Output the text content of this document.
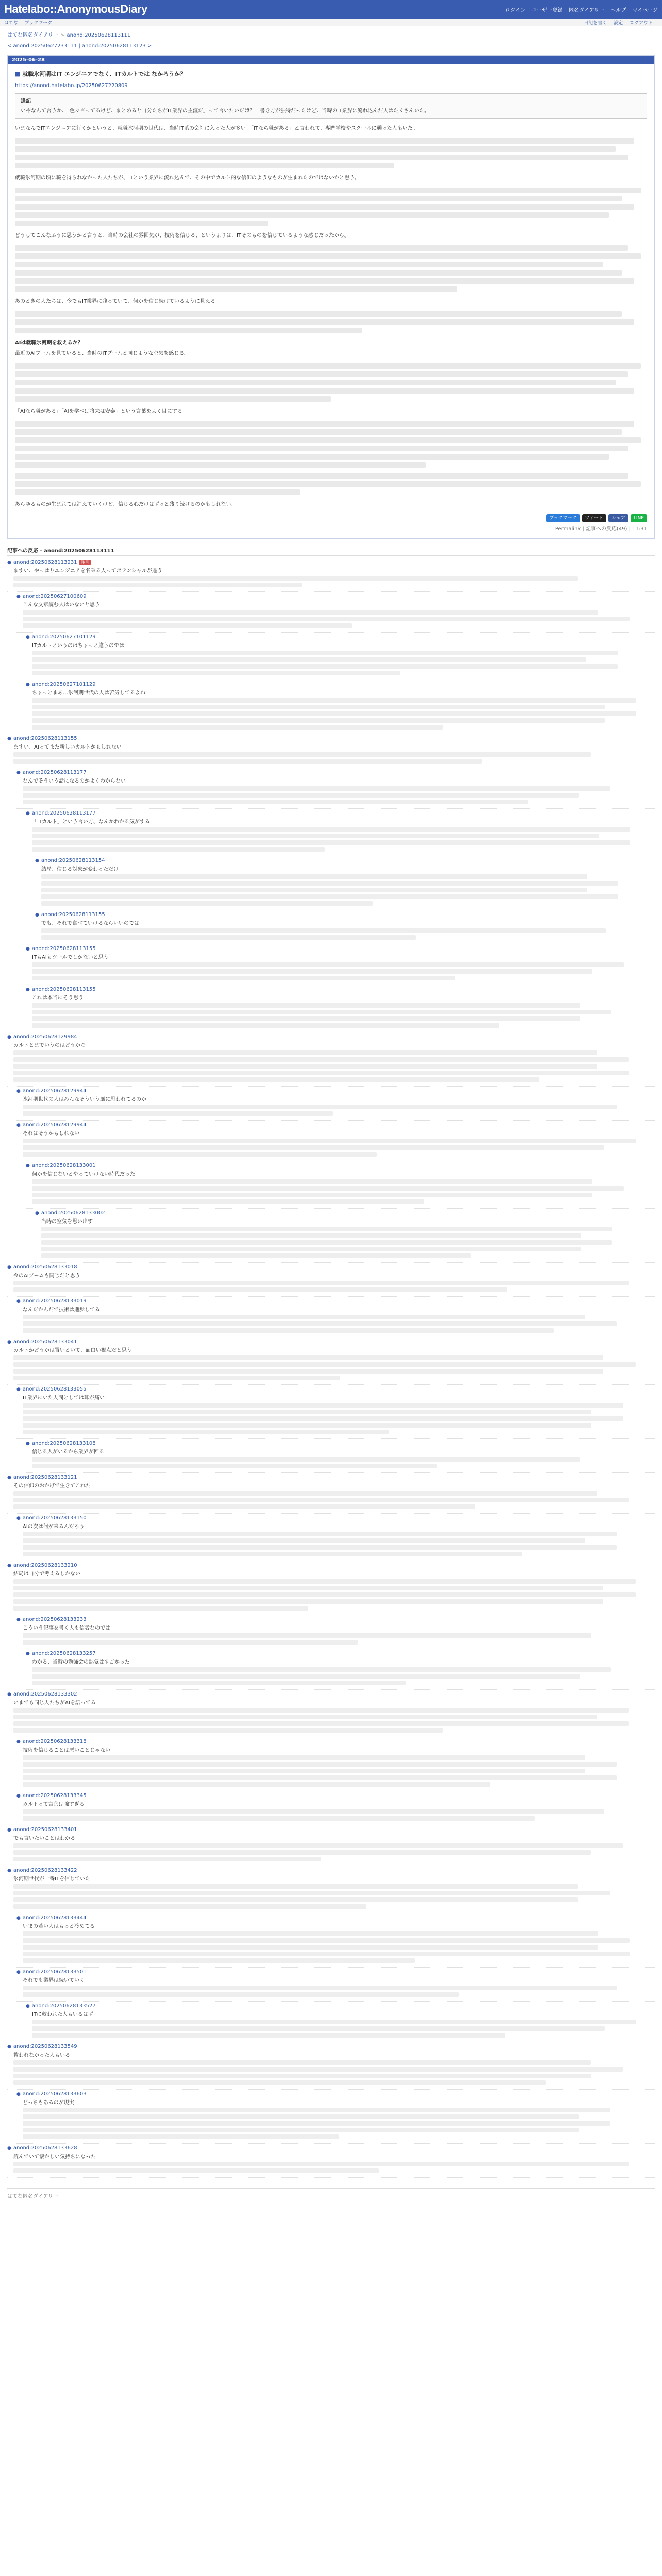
Hatelabo::AnonymousDiary	ログイン ユーザー登録 匿名ダイアリー ヘルプ マイページ
はてな ブックマーク	日記を書く 設定 ログアウト
はてな匿名ダイアリー > anond:20250628113111
< anond:20250627233111 | anond:20250628113123 >
2025-06-28
■ 就職氷河期はIT エンジニアでなく、ITカルトでは なかろうか？
https://anond.hatelabo.jp/20250627220809
追記
いやなんて言うか、「色々言ってるけど、まとめると自分たちがIT業界の主流だ」って言いたいだけ？　書き方が独特だったけど、当時のIT業界に流れ込んだ人はたくさんいた。

いまなんでITエンジニアに行くかというと、就職氷河期の世代は、当時IT系の会社に入った人が多い。「ITなら職がある」と言われて、専門学校やスクールに通った人もいた。

就職氷河期の頃に職を得られなかった人たちが、ITという業界に流れ込んで、その中でカルト的な信仰のようなものが生まれたのではないかと思う。

どうしてこんなふうに思うかと言うと、当時の会社の雰囲気が、技術を信じる、というよりは、ITそのものを信じているような感じだったから。

あのときの人たちは、今でもIT業界に残っていて、何かを信じ続けているように見える。

AIは就職氷河期を救えるか？

最近のAIブームを見ていると、当時のITブームと同じような空気を感じる。

「AIなら職がある」「AIを学べば将来は安泰」という言葉をよく目にする。

あらゆるものが生まれては消えていくけど、信じる心だけはずっと残り続けるのかもしれない。

ブックマーク	ツイート	シェア	LINE
Permalink | 記事への反応(49) | 11:31
記事への反応 - anond:20250628113111
● anond:20250628113231 注目
ますい、やっぱりエンジニアを名乗る人ってポテンシャルが違う
● anond:20250627100609
こんな文章読む人はいないと思う
● anond:20250627101129
ITカルトというのはちょっと違うのでは
● anond:20250627101129
ちょっとまあ…氷河期世代の人は苦労してるよね
● anond:20250628113155
ますい、AIってまた新しいカルトかもしれない
● anond:20250628113177
なんでそういう話になるのかよくわからない
● anond:20250628113177
「ITカルト」という言い方、なんかわかる気がする
● anond:20250628113154
結局、信じる対象が変わっただけ
● anond:20250628113155
でも、それで食べていけるならいいのでは
● anond:20250628113155
ITもAIもツールでしかないと思う
● anond:20250628113155
これは本当にそう思う
● anond:20250628129984
カルトとまでいうのはどうかな
● anond:20250628129944
氷河期世代の人はみんなそういう風に思われてるのか
● anond:20250628129944
それはそうかもしれない
● anond:20250628133001
何かを信じないとやっていけない時代だった
● anond:20250628133002
当時の空気を思い出す
● anond:20250628133018
今のAIブームも同じだと思う
● anond:20250628133019
なんだかんだで技術は進歩してる
● anond:20250628133041
カルトかどうかは置いといて、面白い視点だと思う
● anond:20250628133055
IT業界にいた人間としては耳が痛い
● anond:20250628133108
信じる人がいるから業界が回る
● anond:20250628133121
その信仰のおかげで生きてこれた
● anond:20250628133150
AIの次は何が来るんだろう
● anond:20250628133210
結局は自分で考えるしかない
● anond:20250628133233
こういう記事を書く人も信者なのでは
● anond:20250628133257
わかる、当時の勉強会の熱気はすごかった
● anond:20250628133302
いまでも同じ人たちがAIを語ってる
● anond:20250628133318
技術を信じることは悪いことじゃない
● anond:20250628133345
カルトって言葉は強すぎる
● anond:20250628133401
でも言いたいことはわかる
● anond:20250628133422
氷河期世代が一番ITを信じていた
● anond:20250628133444
いまの若い人はもっと冷めてる
● anond:20250628133501
それでも業界は続いていく
● anond:20250628133527
ITに救われた人もいるはず
● anond:20250628133549
救われなかった人もいる
● anond:20250628133603
どっちもあるのが現実
● anond:20250628133628
読んでいて懐かしい気持ちになった
はてな匿名ダイアリー
